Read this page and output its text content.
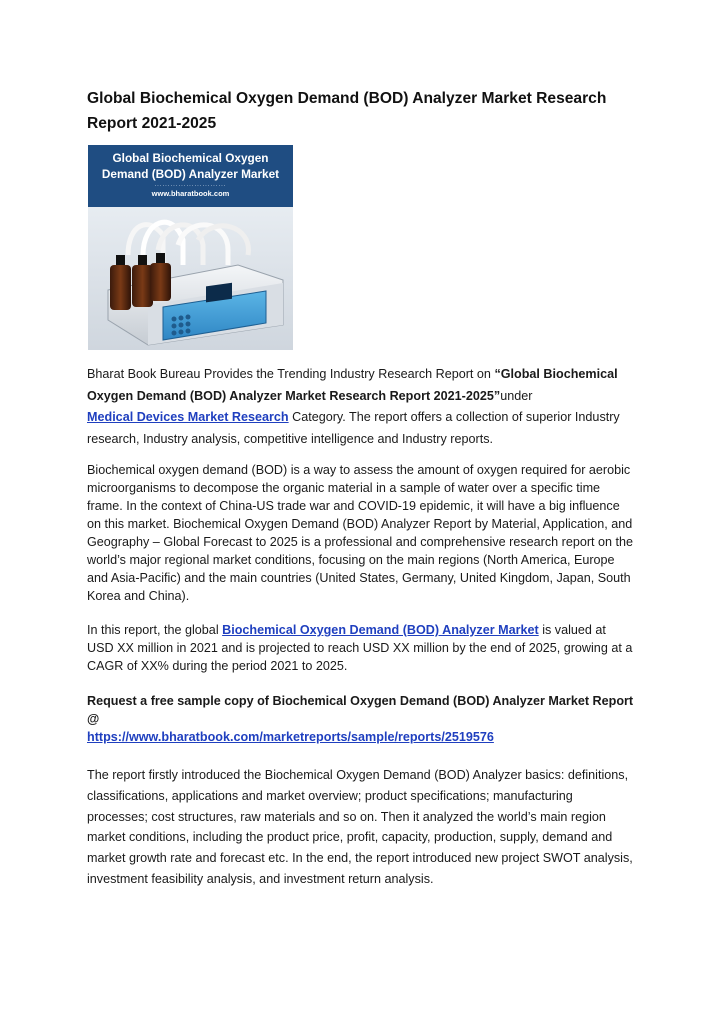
Global Biochemical Oxygen Demand (BOD) Analyzer Market Research Report 2021-2025
Global Biochemical Oxygen
Demand (BOD) Analyzer Market
...........................
www.bharatbook.com

Bharat Book Bureau Provides the Trending Industry Research Report on “Global Biochemical Oxygen Demand (BOD) Analyzer Market Research Report 2021-2025”under
Medical Devices Market Research Category. The report offers a collection of superior Industry research, Industry analysis, competitive intelligence and Industry reports.

Biochemical oxygen demand (BOD) is a way to assess the amount of oxygen required for aerobic microorganisms to decompose the organic material in a sample of water over a specific time frame. In the context of China-US trade war and COVID-19 epidemic, it will have a big influence on this market. Biochemical Oxygen Demand (BOD) Analyzer Report by Material, Application, and Geography – Global Forecast to 2025 is a professional and comprehensive research report on the world’s major regional market conditions, focusing on the main regions (North America, Europe and Asia-Pacific) and the main countries (United States, Germany, United Kingdom, Japan, South Korea and China).

In this report, the global Biochemical Oxygen Demand (BOD) Analyzer Market is valued at USD XX million in 2021 and is projected to reach USD XX million by the end of 2025, growing at a CAGR of XX% during the period 2021 to 2025.

Request a free sample copy of Biochemical Oxygen Demand (BOD) Analyzer Market Report @
https://www.bharatbook.com/marketreports/sample/reports/2519576

The report firstly introduced the Biochemical Oxygen Demand (BOD) Analyzer basics: definitions, classifications, applications and market overview; product specifications; manufacturing processes; cost structures, raw materials and so on. Then it analyzed the world’s main region market conditions, including the product price, profit, capacity, production, supply, demand and market growth rate and forecast etc. In the end, the report introduced new project SWOT analysis, investment feasibility analysis, and investment return analysis.
